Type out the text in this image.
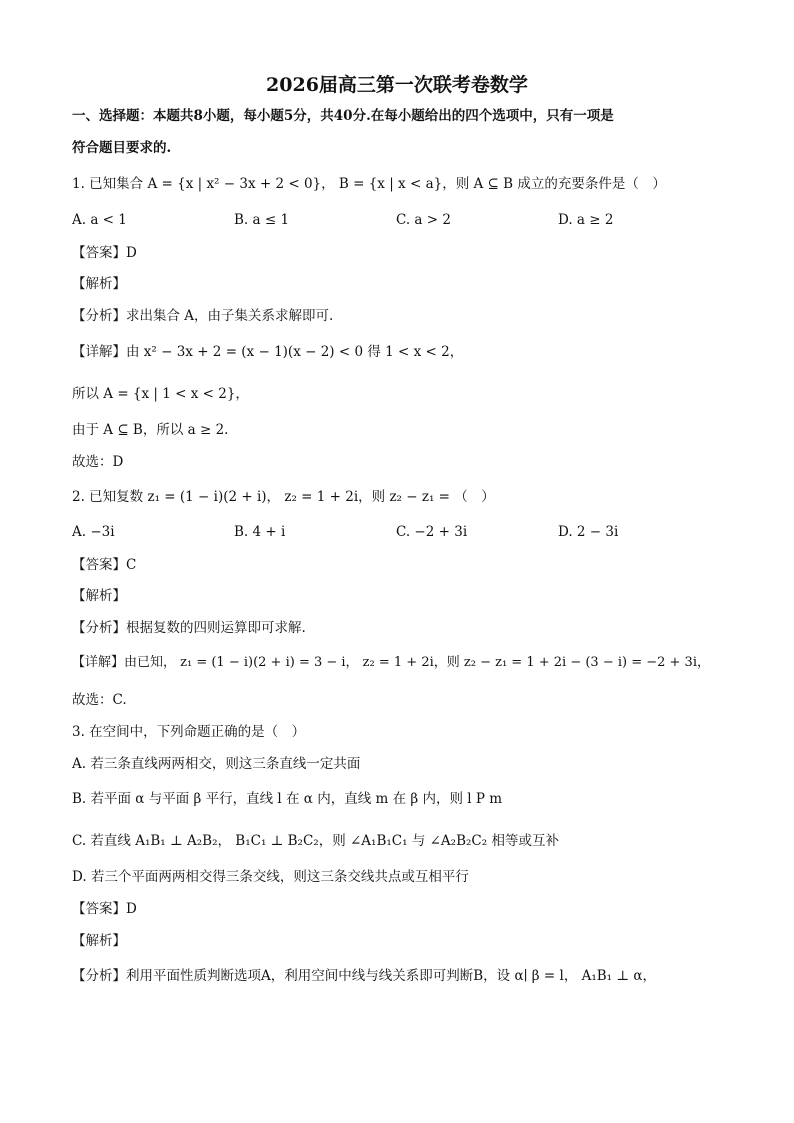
2026届高三第一次联考卷数学
一、选择题：本题共8小题，每小题5分，共40分.在每小题给出的四个选项中，只有一项是
符合题目要求的.
1. 已知集合 A = {x | x² − 3x + 2 < 0}， B = {x | x < a}，则 A ⊆ B 成立的充要条件是（　）
A. a < 1	B. a ≤ 1	C. a > 2	D. a ≥ 2
【答案】D
【解析】
【分析】求出集合 A，由子集关系求解即可.
【详解】由 x² − 3x + 2 = (x − 1)(x − 2) < 0 得 1 < x < 2，
所以 A = {x | 1 < x < 2}，
由于 A ⊆ B，所以 a ≥ 2.
故选：D
2. 已知复数 z₁ = (1 − i)(2 + i)， z₂ = 1 + 2i，则 z₂ − z₁ = （　）
A. −3i	B. 4 + i	C. −2 + 3i	D. 2 − 3i
【答案】C
【解析】
【分析】根据复数的四则运算即可求解.
【详解】由已知， z₁ = (1 − i)(2 + i) = 3 − i， z₂ = 1 + 2i，则 z₂ − z₁ = 1 + 2i − (3 − i) = −2 + 3i，
故选：C.
3. 在空间中，下列命题正确的是（　）
A. 若三条直线两两相交，则这三条直线一定共面
B. 若平面 α 与平面 β 平行，直线 l 在 α 内，直线 m 在 β 内，则 l P m
C. 若直线 A₁B₁ ⊥ A₂B₂， B₁C₁ ⊥ B₂C₂，则 ∠A₁B₁C₁ 与 ∠A₂B₂C₂ 相等或互补
D. 若三个平面两两相交得三条交线，则这三条交线共点或互相平行
【答案】D
【解析】
【分析】利用平面性质判断选项A，利用空间中线与线关系即可判断B，设 α∣ β = l， A₁B₁ ⊥ α，
